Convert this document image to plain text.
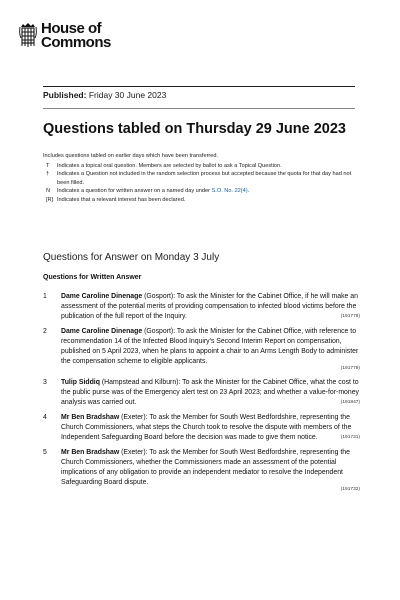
House of
Commons
Published: Friday 30 June 2023
Questions tabled on Thursday 29 June 2023
Includes questions tabled on earlier days which have been transferred.
T	Indicates a topical oral question. Members are selected by ballot to ask a Topical Question.
†	Indicates a Question not included in the random selection process but accepted because the quota for that day had not been filled.
N	Indicates a question for written answer on a named day under S.O. No. 22(4).
[R] Indicates that a relevant interest has been declared.
Questions for Answer on Monday 3 July
Questions for Written Answer
1	Dame Caroline Dinenage (Gosport): To ask the Minister for the Cabinet Office, if he will make an assessment of the potential merits of providing compensation to infected blood victims before the publication of the full report of the Inquiry.	(191778)
2	Dame Caroline Dinenage (Gosport): To ask the Minister for the Cabinet Office, with reference to recommendation 14 of the Infected Blood Inquiry's Second Interim Report on compensation, published on 5 April 2023, when he plans to appoint a chair to an Arms Length Body to administer the compensation scheme to eligible applicants.
(191779)
3	Tulip Siddiq (Hampstead and Kilburn): To ask the Minister for the Cabinet Office, what the cost to the public purse was of the Emergency alert test on 23 April 2023; and whether a value-for-money analysis was carried out.	(191847)
4	Mr Ben Bradshaw (Exeter): To ask the Member for South West Bedfordshire, representing the Church Commissioners, what steps the Church took to resolve the dispute with members of the Independent Safeguarding Board before the decision was made to give them notice.	(191731)
5	Mr Ben Bradshaw (Exeter): To ask the Member for South West Bedfordshire, representing the Church Commissioners, whether the Commissioners made an assessment of the potential implications of any obligation to provide an independent mediator to resolve the Independent Safeguarding Board dispute.
(191732)
